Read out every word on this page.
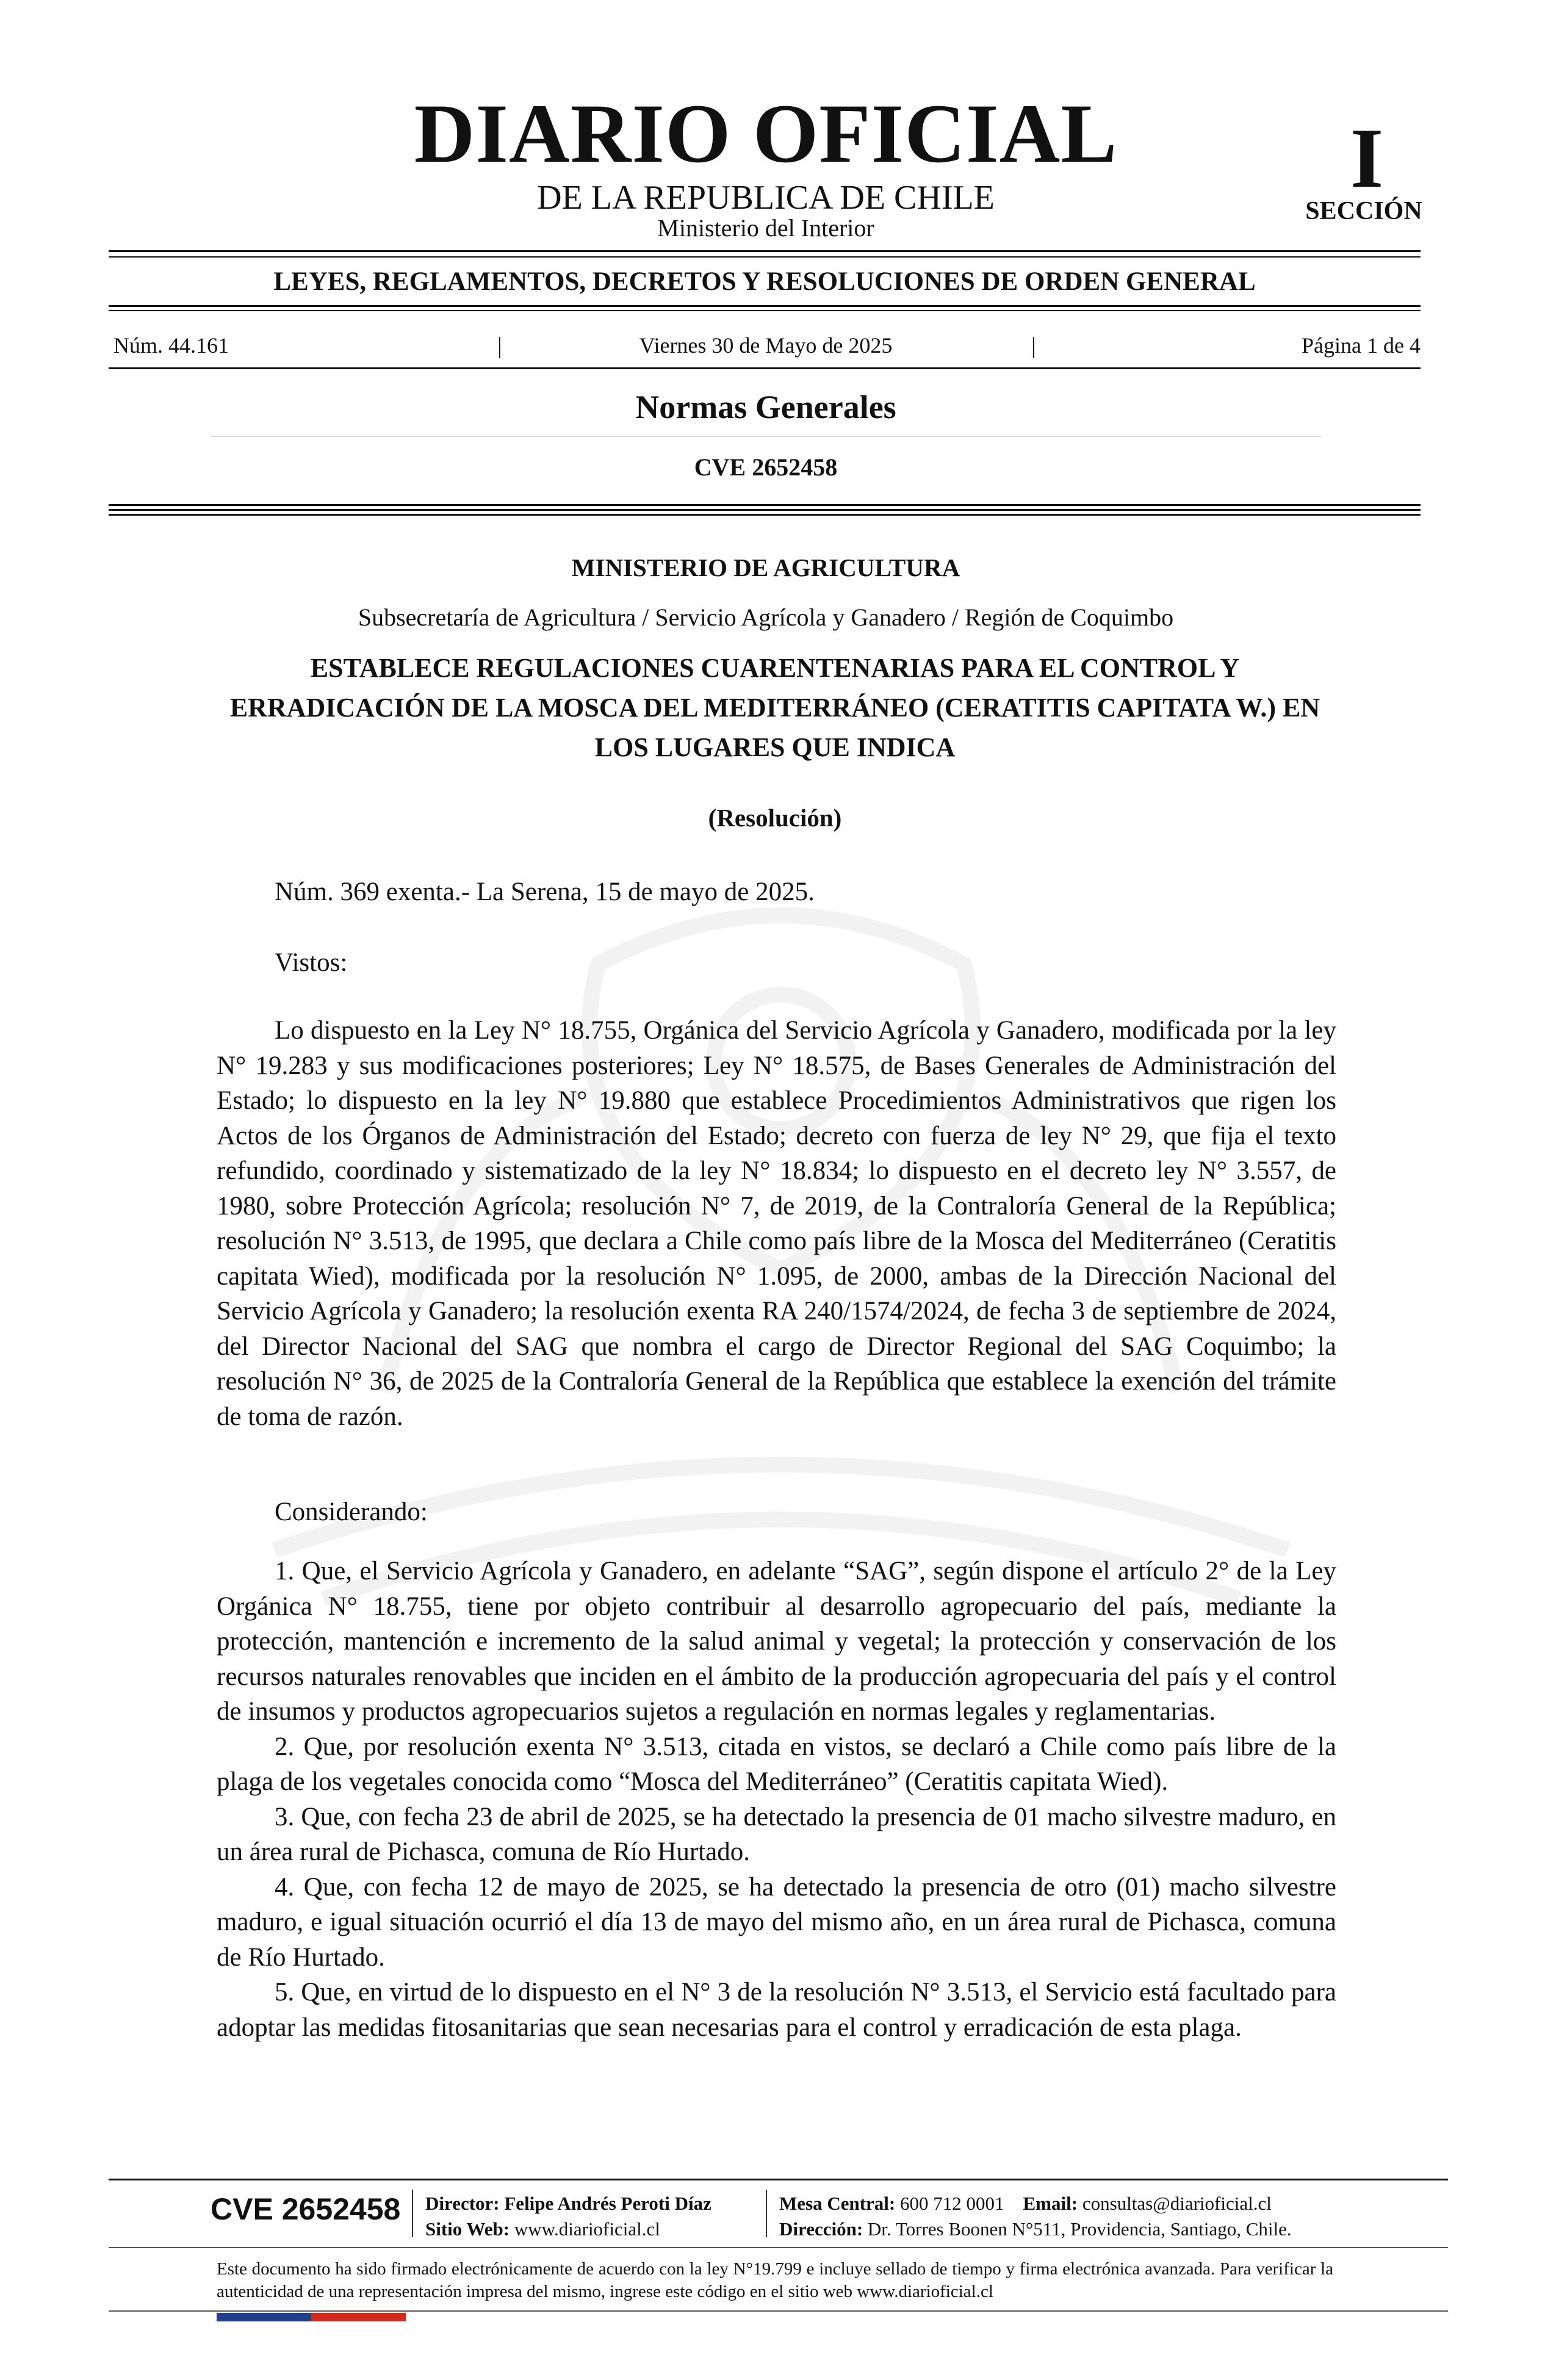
DIARIO OFICIAL
DE LA REPUBLICA DE CHILE
Ministerio del Interior
I
SECCIÓN
LEYES, REGLAMENTOS, DECRETOS Y RESOLUCIONES DE ORDEN GENERAL
Núm. 44.161	|	Viernes 30 de Mayo de 2025	|	Página 1 de 4
Normas Generales
CVE 2652458
MINISTERIO DE AGRICULTURA
Subsecretaría de Agricultura / Servicio Agrícola y Ganadero / Región de Coquimbo
ESTABLECE REGULACIONES CUARENTENARIAS PARA EL CONTROL Y ERRADICACIÓN DE LA MOSCA DEL MEDITERRÁNEO (CERATITIS CAPITATA W.) EN LOS LUGARES QUE INDICA
(Resolución)
Núm. 369 exenta.- La Serena, 15 de mayo de 2025.
Vistos:

Lo dispuesto en la Ley N° 18.755, Orgánica del Servicio Agrícola y Ganadero, modificada por la ley N° 19.283 y sus modificaciones posteriores; Ley N° 18.575, de Bases Generales de Administración del Estado; lo dispuesto en la ley N° 19.880 que establece Procedimientos Administrativos que rigen los Actos de los Órganos de Administración del Estado; decreto con fuerza de ley N° 29, que fija el texto refundido, coordinado y sistematizado de la ley N° 18.834; lo dispuesto en el decreto ley N° 3.557, de 1980, sobre Protección Agrícola; resolución N° 7, de 2019, de la Contraloría General de la República; resolución N° 3.513, de 1995, que declara a Chile como país libre de la Mosca del Mediterráneo (Ceratitis capitata Wied), modificada por la resolución N° 1.095, de 2000, ambas de la Dirección Nacional del Servicio Agrícola y Ganadero; la resolución exenta RA 240/1574/2024, de fecha 3 de septiembre de 2024, del Director Nacional del SAG que nombra el cargo de Director Regional del SAG Coquimbo; la resolución N° 36, de 2025 de la Contraloría General de la República que establece la exención del trámite de toma de razón.

Considerando:

1. Que, el Servicio Agrícola y Ganadero, en adelante “SAG”, según dispone el artículo 2° de la Ley Orgánica N° 18.755, tiene por objeto contribuir al desarrollo agropecuario del país, mediante la protección, mantención e incremento de la salud animal y vegetal; la protección y conservación de los recursos naturales renovables que inciden en el ámbito de la producción agropecuaria del país y el control de insumos y productos agropecuarios sujetos a regulación en normas legales y reglamentarias.

2. Que, por resolución exenta N° 3.513, citada en vistos, se declaró a Chile como país libre de la plaga de los vegetales conocida como “Mosca del Mediterráneo” (Ceratitis capitata Wied).

3. Que, con fecha 23 de abril de 2025, se ha detectado la presencia de 01 macho silvestre maduro, en un área rural de Pichasca, comuna de Río Hurtado.

4. Que, con fecha 12 de mayo de 2025, se ha detectado la presencia de otro (01) macho silvestre maduro, e igual situación ocurrió el día 13 de mayo del mismo año, en un área rural de Pichasca, comuna de Río Hurtado.

5. Que, en virtud de lo dispuesto en el N° 3 de la resolución N° 3.513, el Servicio está facultado para adoptar las medidas fitosanitarias que sean necesarias para el control y erradicación de esta plaga.

CVE 2652458 Director: Felipe Andrés Peroti Díaz
Sitio Web: www.diarioficial.cl
Mesa Central: 600 712 0001 Email: consultas@diarioficial.cl
Dirección: Dr. Torres Boonen N°511, Providencia, Santiago, Chile.
Este documento ha sido firmado electrónicamente de acuerdo con la ley N°19.799 e incluye sellado de tiempo y firma electrónica avanzada. Para verificar la autenticidad de una representación impresa del mismo, ingrese este código en el sitio web www.diarioficial.cl
